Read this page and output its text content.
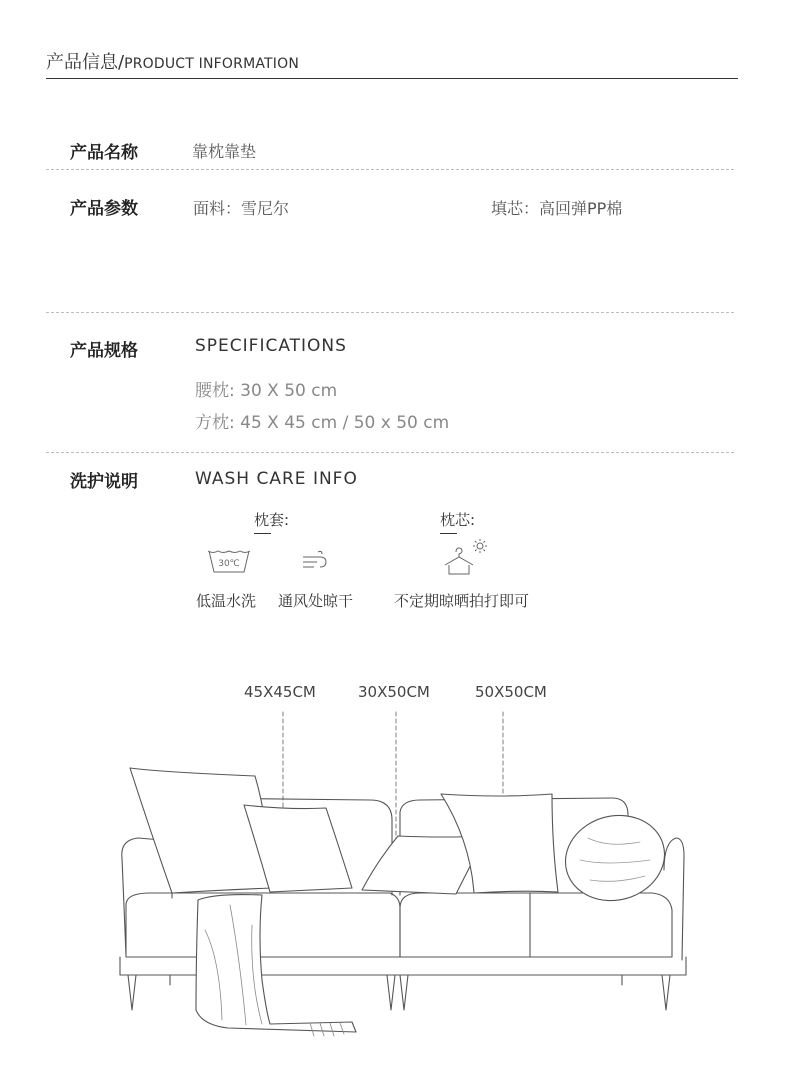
产品信息/PRODUCT INFORMATION
产品名称	靠枕靠垫
产品参数	面料：雪尼尔	填芯：高回弹PP棉
产品规格	SPECIFICATIONS
腰枕: 30 X 50 cm
方枕: 45 X 45 cm / 50 x 50 cm
洗护说明	WASH CARE INFO
枕套:	枕芯:
30℃
低温水洗 通风处晾干	不定期晾晒拍打即可
45X45CM	30X50CM	50X50CM
